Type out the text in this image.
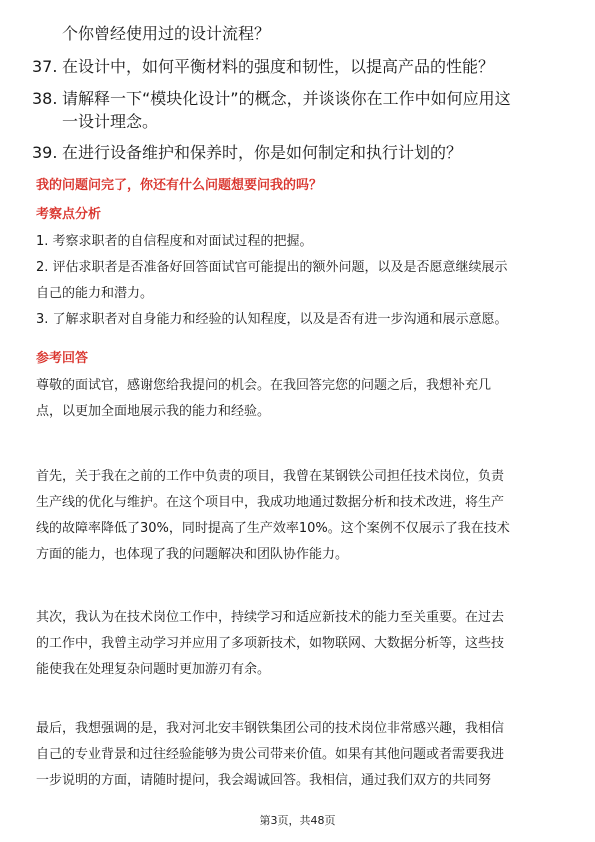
个你曾经使用过的设计流程？
37. 在设计中，如何平衡材料的强度和韧性，以提高产品的性能？
38. 请解释一下“模块化设计”的概念，并谈谈你在工作中如何应用这
一设计理念。
39. 在进行设备维护和保养时，你是如何制定和执行计划的？
我的问题问完了，你还有什么问题想要问我的吗？
考察点分析
1. 考察求职者的自信程度和对面试过程的把握。
2. 评估求职者是否准备好回答面试官可能提出的额外问题，以及是否愿意继续展示
自己的能力和潜力。
3. 了解求职者对自身能力和经验的认知程度，以及是否有进一步沟通和展示意愿。
参考回答
尊敬的面试官，感谢您给我提问的机会。在我回答完您的问题之后，我想补充几
点，以更加全面地展示我的能力和经验。
首先，关于我在之前的工作中负责的项目，我曾在某钢铁公司担任技术岗位，负责
生产线的优化与维护。在这个项目中，我成功地通过数据分析和技术改进，将生产
线的故障率降低了30%，同时提高了生产效率10%。这个案例不仅展示了我在技术
方面的能力，也体现了我的问题解决和团队协作能力。
其次，我认为在技术岗位工作中，持续学习和适应新技术的能力至关重要。在过去
的工作中，我曾主动学习并应用了多项新技术，如物联网、大数据分析等，这些技
能使我在处理复杂问题时更加游刃有余。
最后，我想强调的是，我对河北安丰钢铁集团公司的技术岗位非常感兴趣，我相信
自己的专业背景和过往经验能够为贵公司带来价值。如果有其他问题或者需要我进
一步说明的方面，请随时提问，我会竭诚回答。我相信，通过我们双方的共同努
第3页，共48页
